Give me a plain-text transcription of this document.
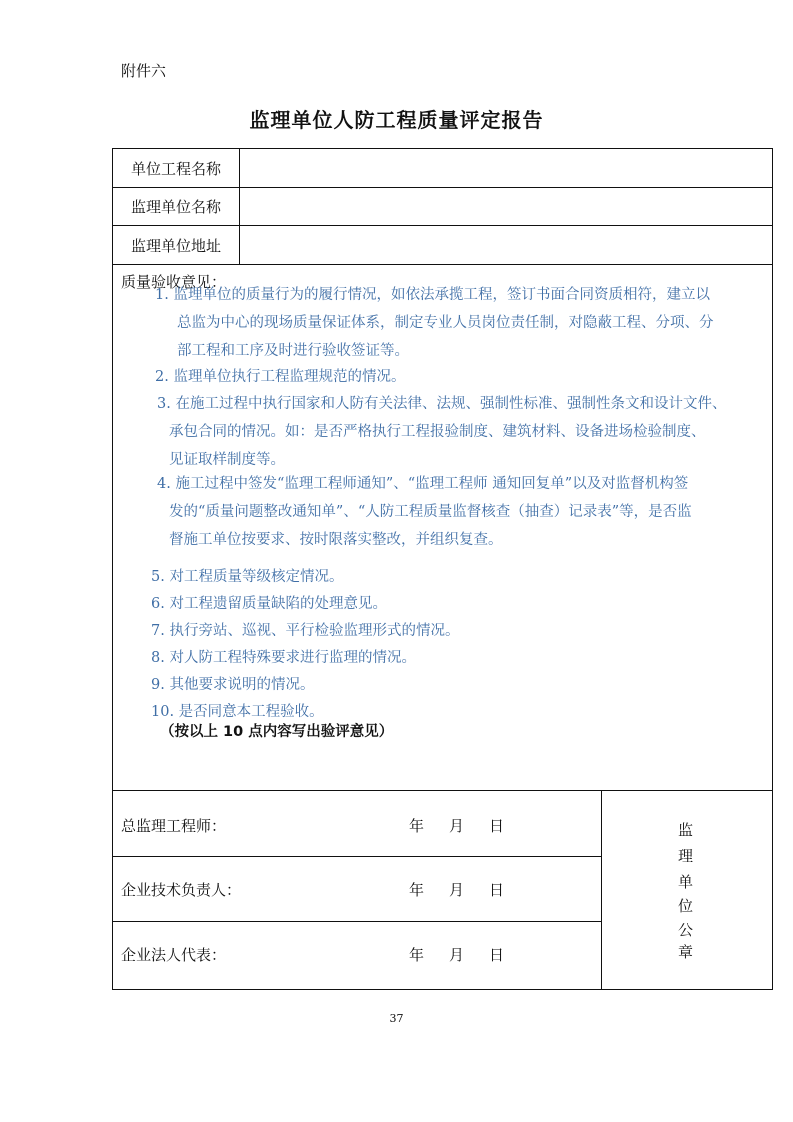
附件六
监理单位人防工程质量评定报告
单位工程名称
监理单位名称
监理单位地址
质量验收意见：
1. 监理单位的质量行为的履行情况，如依法承揽工程，签订书面合同资质相符，建立以
总监为中心的现场质量保证体系，制定专业人员岗位责任制，对隐蔽工程、分项、分
部工程和工序及时进行验收签证等。
2. 监理单位执行工程监理规范的情况。
3. 在施工过程中执行国家和人防有关法律、法规、强制性标准、强制性条文和设计文件、
承包合同的情况。如：是否严格执行工程报验制度、建筑材料、设备进场检验制度、
见证取样制度等。
4. 施工过程中签发“监理工程师通知”、“监理工程师 通知回复单”以及对监督机构签
发的“质量问题整改通知单”、“人防工程质量监督核查（抽查）记录表”等，是否监
督施工单位按要求、按时限落实整改，并组织复查。
5. 对工程质量等级核定情况。
6. 对工程遗留质量缺陷的处理意见。
7. 执行旁站、巡视、平行检验监理形式的情况。
8. 对人防工程特殊要求进行监理的情况。
9. 其他要求说明的情况。
10. 是否同意本工程验收。
（按以上 10 点内容写出验评意见）
总监理工程师：	年 月 日
企业技术负责人：	年 月 日
企业法人代表：	年 月 日
监
理
单
位
公
章
37
